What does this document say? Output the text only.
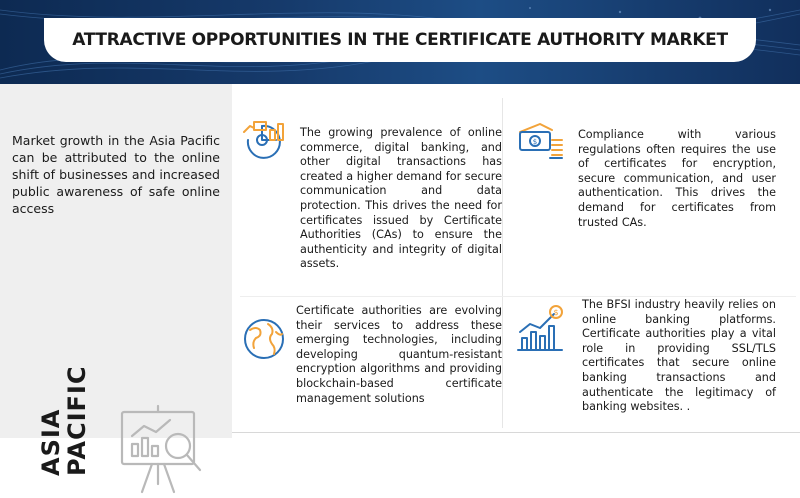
ATTRACTIVE OPPORTUNITIES IN THE CERTIFICATE AUTHORITY MARKET

Market growth in the Asia Pacific can be attributed to the online shift of businesses and increased public awareness of safe online access

ASIA
PACIFIC

The growing prevalence of online commerce, digital banking, and other digital transactions has created a higher demand for secure communication and data protection. This drives the need for certificates issued by Certificate Authorities (CAs) to ensure the authenticity and integrity of digital assets.

$

Compliance with various regulations often requires the use of certificates for encryption, secure communication, and user authentication. This drives the demand for certificates from trusted CAs.

Certificate authorities are evolving their services to address these emerging technologies, including developing quantum-resistant encryption algorithms and providing blockchain-based certificate management solutions

$

The BFSI industry heavily relies on online banking platforms. Certificate authorities play a vital role in providing SSL/TLS certificates that secure online banking transactions and authenticate the legitimacy of banking websites. .
